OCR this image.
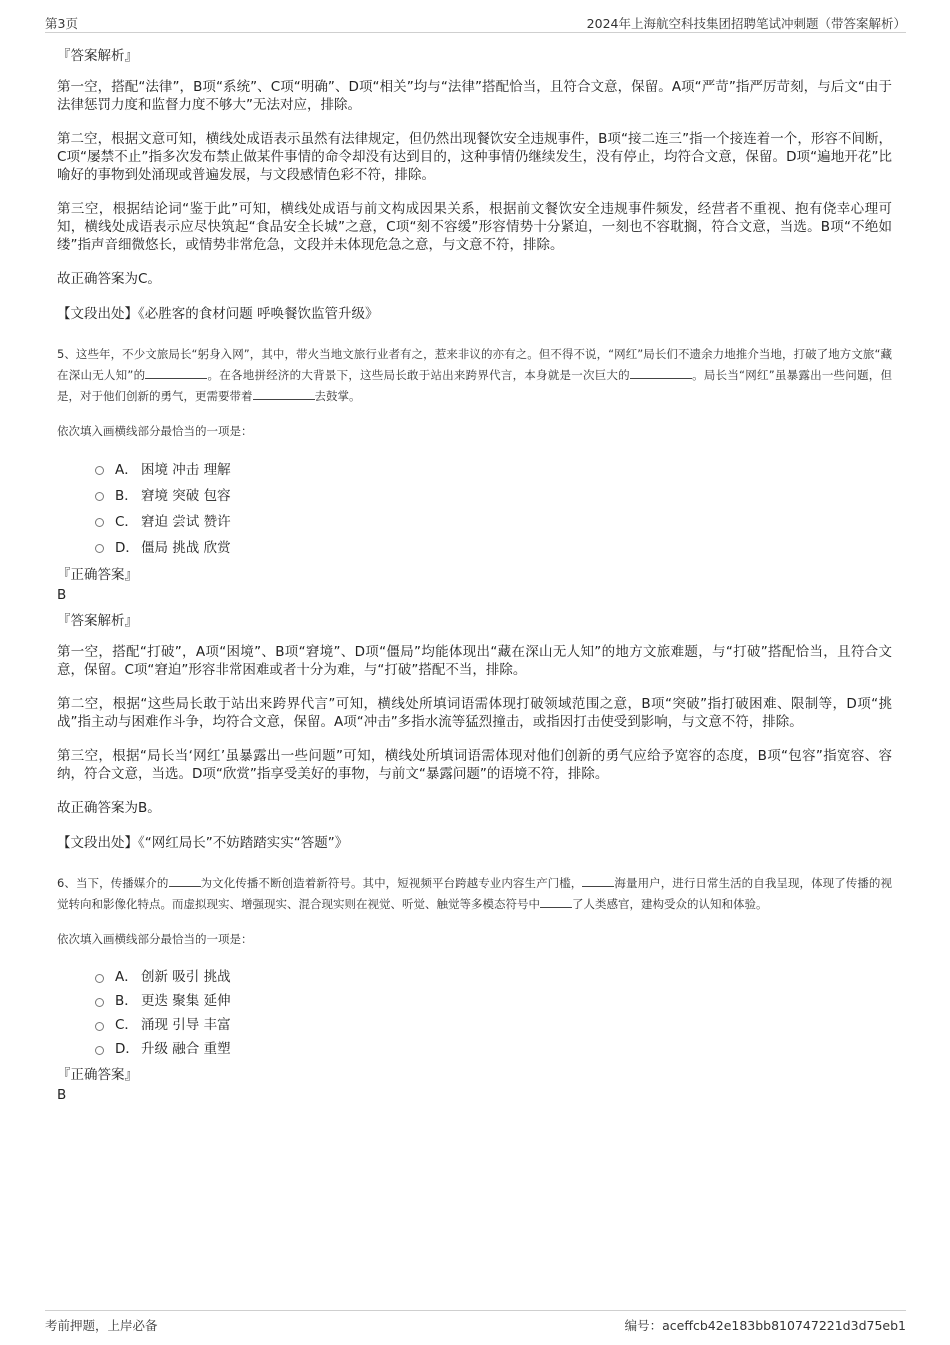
第3页	2024年上海航空科技集团招聘笔试冲刺题（带答案解析）

『答案解析』

第一空，搭配“法律”，B项“系统”、C项“明确”、D项“相关”均与“法律”搭配恰当，且符合文意，保留。A项“严苛”指严厉苛刻，与后文“由于法律惩罚力度和监督力度不够大”无法对应，排除。

第二空，根据文意可知，横线处成语表示虽然有法律规定，但仍然出现餐饮安全违规事件，B项“接二连三”指一个接连着一个，形容不间断，C项“屡禁不止”指多次发布禁止做某件事情的命令却没有达到目的，这种事情仍继续发生，没有停止，均符合文意，保留。D项“遍地开花”比喻好的事物到处涌现或普遍发展，与文段感情色彩不符，排除。

第三空，根据结论词“鉴于此”可知，横线处成语与前文构成因果关系，根据前文餐饮安全违规事件频发，经营者不重视、抱有侥幸心理可知，横线处成语表示应尽快筑起“食品安全长城”之意，C项“刻不容缓”形容情势十分紧迫，一刻也不容耽搁，符合文意，当选。B项“不绝如缕”指声音细微悠长，或情势非常危急，文段并未体现危急之意，与文意不符，排除。

故正确答案为C。

【文段出处】《必胜客的食材问题 呼唤餐饮监管升级》

5、这些年，不少文旅局长“躬身入网”，其中，带火当地文旅行业者有之，惹来非议的亦有之。但不得不说，“网红”局长们不遗余力地推介当地，打破了地方文旅“藏在深山无人知”的	。在各地拼经济的大背景下，这些局长敢于站出来跨界代言，本身就是一次巨大的	。局长当“网红”虽暴露出一些问题，但是，对于他们创新的勇气，更需要带着	去鼓掌。

依次填入画横线部分最恰当的一项是：

A． 困境 冲击 理解
B． 窘境 突破 包容
C． 窘迫 尝试 赞许
D． 僵局 挑战 欣赏

『正确答案』

B

『答案解析』

第一空，搭配“打破”，A项“困境”、B项“窘境”、D项“僵局”均能体现出“藏在深山无人知”的地方文旅难题，与“打破”搭配恰当，且符合文意，保留。C项“窘迫”形容非常困难或者十分为难，与“打破”搭配不当，排除。

第二空，根据“这些局长敢于站出来跨界代言”可知，横线处所填词语需体现打破领域范围之意，B项“突破”指打破困难、限制等，D项“挑战”指主动与困难作斗争，均符合文意，保留。A项“冲击”多指水流等猛烈撞击，或指因打击使受到影响，与文意不符，排除。

第三空，根据“局长当‘网红’虽暴露出一些问题”可知，横线处所填词语需体现对他们创新的勇气应给予宽容的态度，B项“包容”指宽容、容纳，符合文意，当选。D项“欣赏”指享受美好的事物，与前文“暴露问题”的语境不符，排除。

故正确答案为B。

【文段出处】《“网红局长”不妨踏踏实实“答题”》

6、当下，传播媒介的	为文化传播不断创造着新符号。其中，短视频平台跨越专业内容生产门槛，	海量用户，进行日常生活的自我呈现，体现了传播的视觉转向和影像化特点。而虚拟现实、增强现实、混合现实则在视觉、听觉、触觉等多模态符号中	了人类感官，建构受众的认知和体验。

依次填入画横线部分最恰当的一项是：

A． 创新 吸引 挑战
B． 更迭 聚集 延伸
C． 涌现 引导 丰富
D． 升级 融合 重塑

『正确答案』

B

考前押题，上岸必备	编号：aceffcb42e183bb810747221d3d75eb1
